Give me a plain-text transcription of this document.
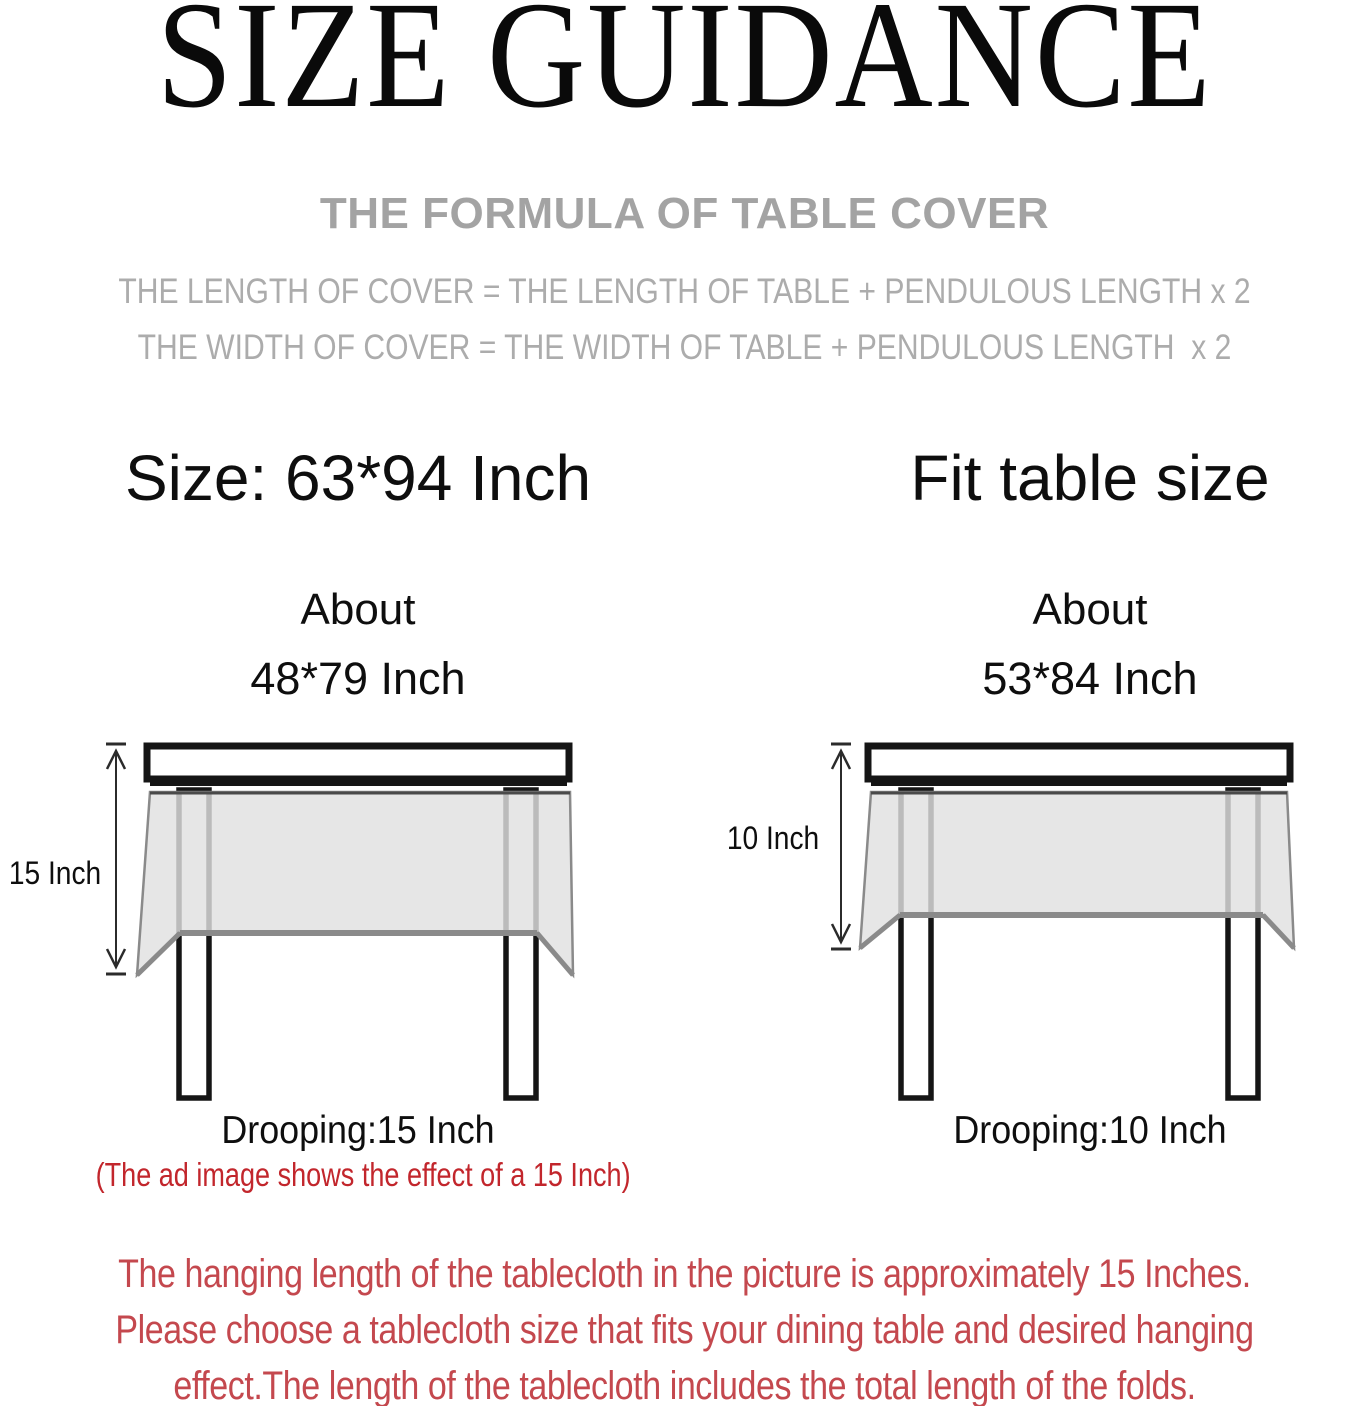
SIZE GUIDANCE
THE FORMULA OF TABLE COVER
THE LENGTH OF COVER = THE LENGTH OF TABLE + PENDULOUS LENGTH x 2
THE WIDTH OF COVER = THE WIDTH OF TABLE + PENDULOUS LENGTH  x 2
Size: 63*94 Inch	Fit table size
About	About
48*79 Inch	53*84 Inch
15 Inch
10 Inch
Drooping:15 Inch	Drooping:10 Inch
(The ad image shows the effect of a 15 Inch)
The hanging length of the tablecloth in the picture is approximately 15 Inches.
Please choose a tablecloth size that fits your dining table and desired hanging
effect.The length of the tablecloth includes the total length of the folds.
